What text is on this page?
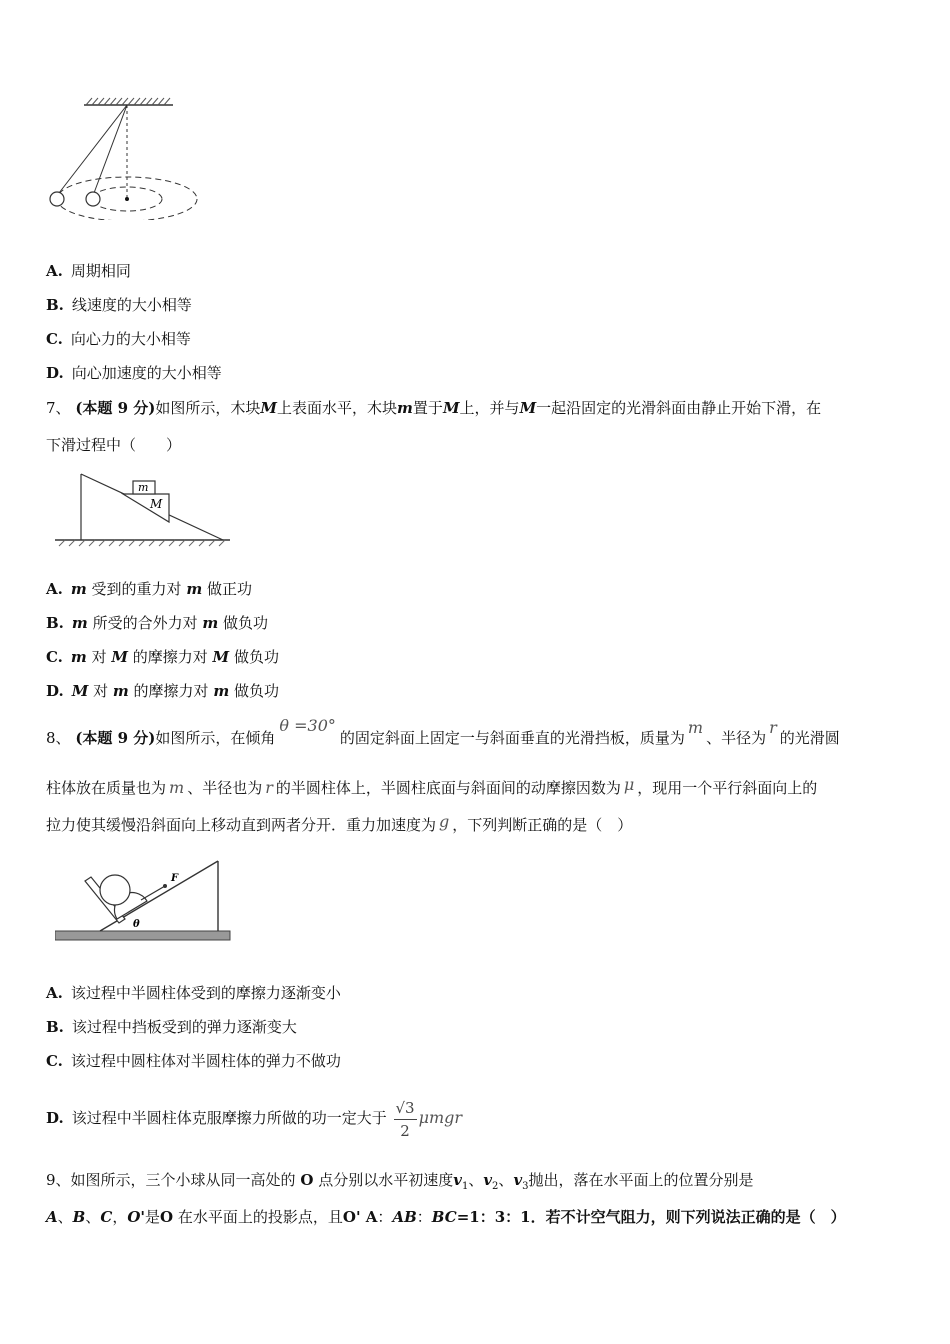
A. 周期相同
B. 线速度的大小相等
C. 向心力的大小相等
D. 向心加速度的大小相等
7、 (本题 9 分)如图所示，木块M上表面水平，木块m置于M上，并与M一起沿固定的光滑斜面由静止开始下滑，在
下滑过程中（　　）
m
M
A. m 受到的重力对 m 做正功
B. m 所受的合外力对 m 做负功
C. m 对 M 的摩擦力对 M 做负功
D. M 对 m 的摩擦力对 m 做负功
8、 (本题 9 分)如图所示，在倾角θ =30°的固定斜面上固定一与斜面垂直的光滑挡板，质量为m、半径为r的光滑圆
柱体放在质量也为 m 、半径也为 r 的半圆柱体上，半圆柱底面与斜面间的动摩擦因数为 μ ，现用一个平行斜面向上的
拉力使其缓慢沿斜面向上移动直到两者分开．重力加速度为 g ，下列判断正确的是（　）
F
θ
A. 该过程中半圆柱体受到的摩擦力逐渐变小
B. 该过程中挡板受到的弹力逐渐变大
C. 该过程中圆柱体对半圆柱体的弹力不做功
D. 该过程中半圆柱体克服摩擦力所做的功一定大于 $\frac{√3}{2}$ μmgr
9、如图所示，三个小球从同一高处的 O 点分别以水平初速度$v_1$、$v_2$、$v_3$抛出，落在水平面上的位置分别是
A、B、C，O'是O 在水平面上的投影点，且O' A：AB：BC=1：3：1．若不计空气阻力，则下列说法正确的是（　）
